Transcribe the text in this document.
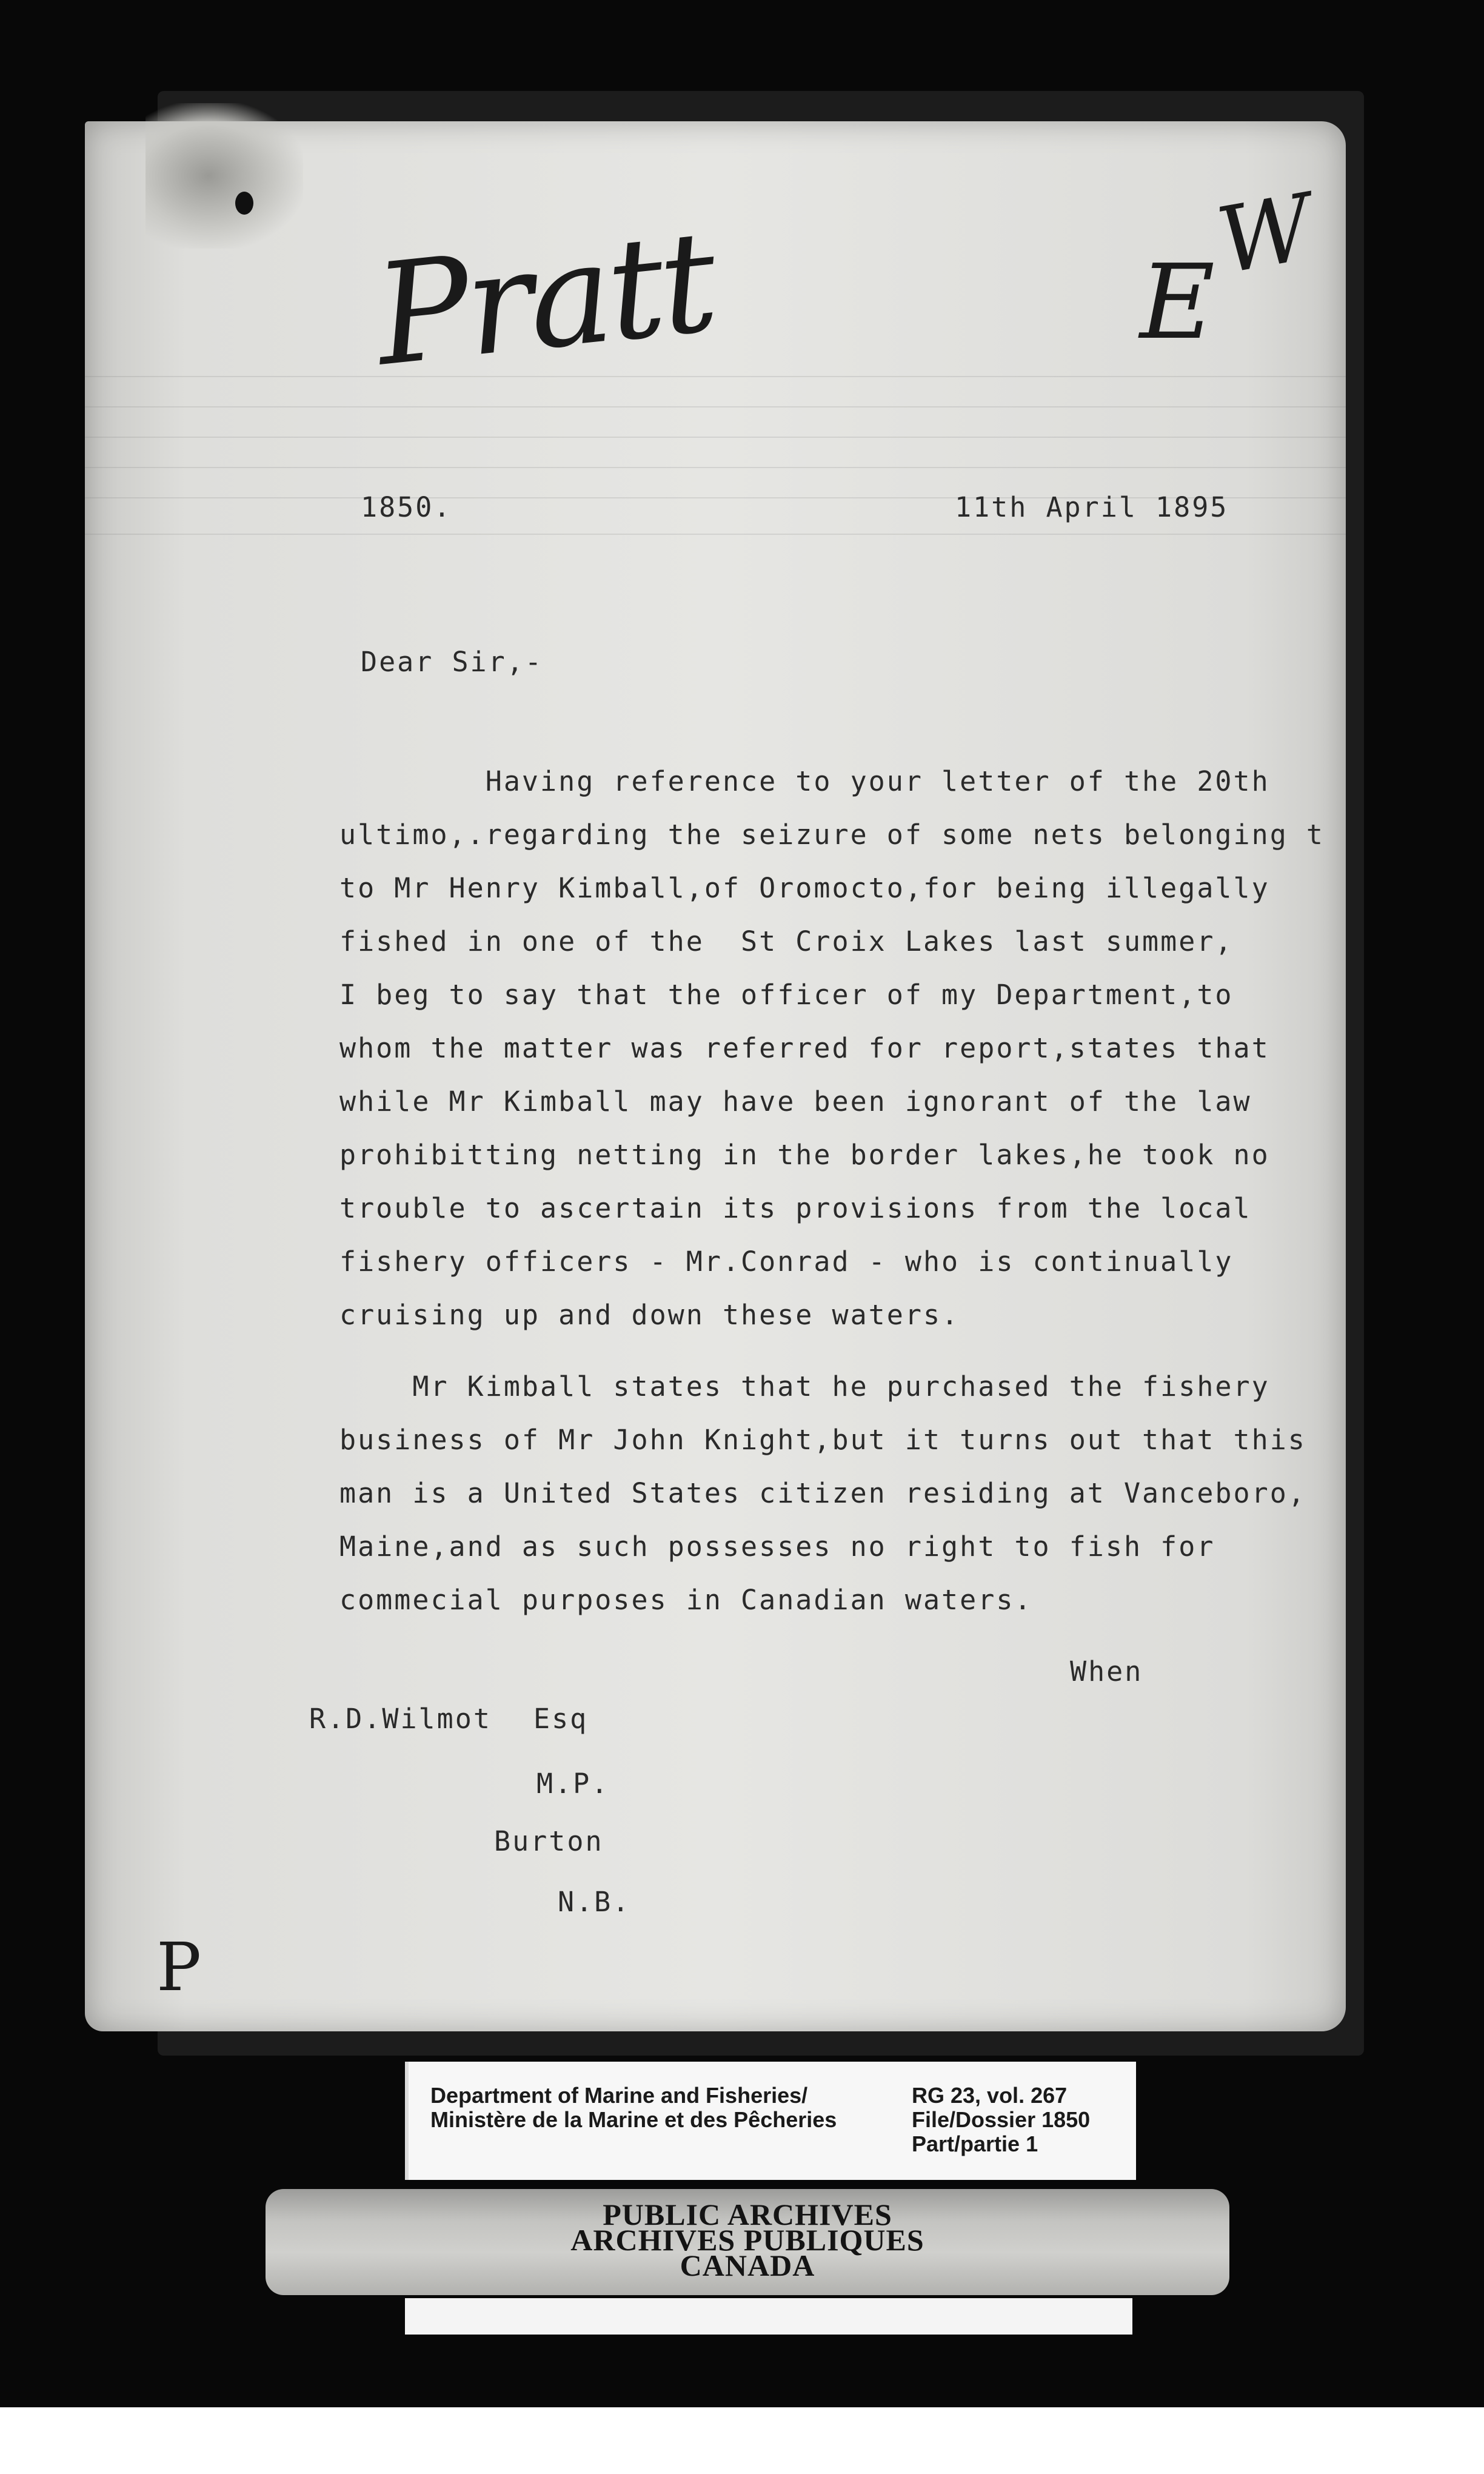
Pratt	E
W
P
1850.	11th April 1895
Dear Sir,-
Having reference to your letter of the 20th
ultimo,.regarding the seizure of some nets belonging t
to Mr Henry Kimball,of Oromocto,for being illegally
fished in one of the  St Croix Lakes last summer,
I beg to say that the officer of my Department,to
whom the matter was referred for report,states that
while Mr Kimball may have been ignorant of the law
prohibitting netting in the border lakes,he took no
trouble to ascertain its provisions from the local
fishery officers - Mr.Conrad - who is continually
cruising up and down these waters.
Mr Kimball states that he purchased the fishery
business of Mr John Knight,but it turns out that this
man is a United States citizen residing at Vanceboro,
Maine,and as such possesses no right to fish for
commecial purposes in Canadian waters.
When
R.D.Wilmot Esq
M.P.
Burton
N.B.
Department of Marine and Fisheries/
Ministère de la Marine et des Pêcheries
RG 23, vol. 267
File/Dossier 1850
Part/partie 1
PUBLIC ARCHIVES
ARCHIVES PUBLIQUES
CANADA
